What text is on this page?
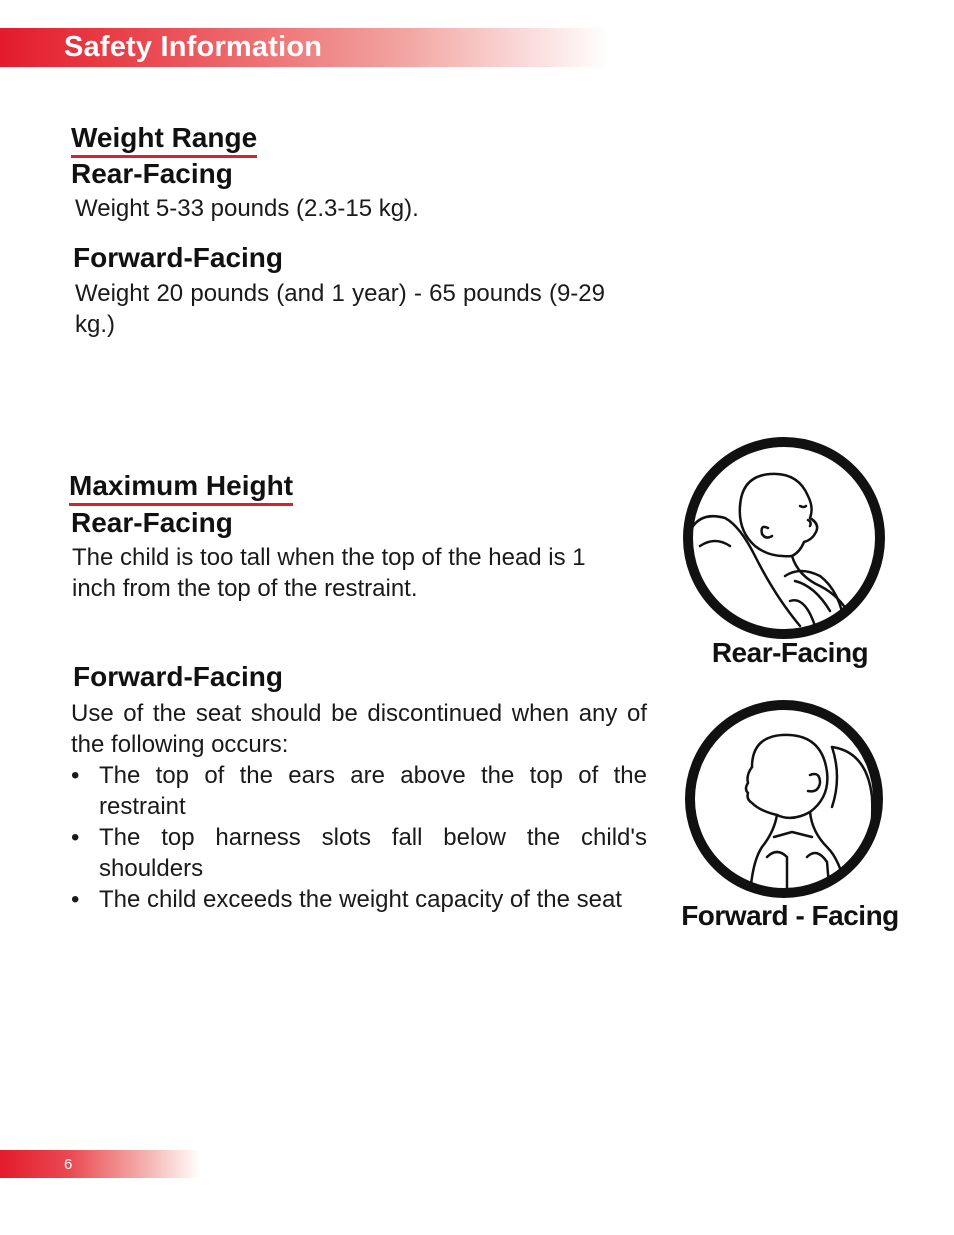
Safety Information
Weight Range
Rear-Facing
Weight 5-33 pounds (2.3-15 kg).
Forward-Facing
Weight 20 pounds (and 1 year) - 65 pounds (9-29 kg.)
Maximum Height
Rear-Facing
The child is too tall when the top of the head is 1 inch from the top of the restraint.
Forward-Facing
Use of the seat should be discontinued when any of the following occurs:
• The top of the ears are above the top of the restraint
• The top harness slots fall below the child's shoulders
• The child exceeds the weight capacity of the seat
Rear-Facing
Forward - Facing
6
